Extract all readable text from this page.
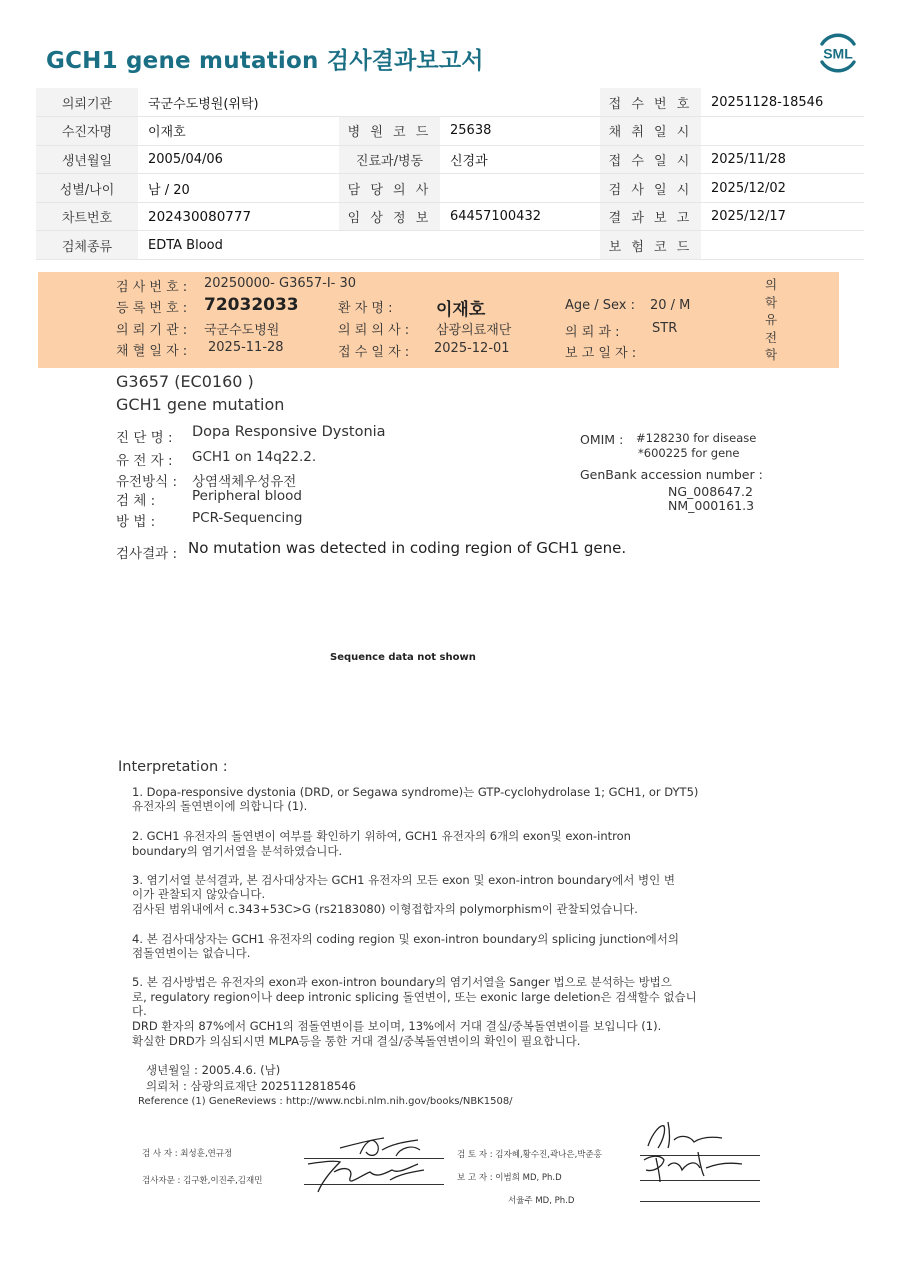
GCH1 gene mutation 검사결과보고서	SML
의뢰기관	국군수도병원(위탁)			접 수 번 호	20251128-18546
수진자명	이재호	병 원 코 드	25638	채 취 일 시	
생년월일	2005/04/06	진료과/병동	신경과	접 수 일 시	2025/11/28
성별/나이	남 / 20	담 당 의 사		검 사 일 시	2025/12/02
차트번호	202430080777	임 상 정 보	64457100432	결 과 보 고	2025/12/17
검체종류	EDTA Blood			보 험 코 드	
검 사 번 호 : 20250000- G3657-I- 30
등 록 번 호 : 72032033	환 자 명 :	이재호	Age / Sex : 20 / M
의 뢰 기 관 : 국군수도병원	의 뢰 의 사 : 삼광의료재단	의 뢰 과 :	STR
채 혈 일 자 : 2025-11-28	접 수 일 자 : 2025-12-01	보 고 일 자 :
의
학
유
전
학
G3657 (EC0160 )
GCH1 gene mutation
진 단 명 : Dopa Responsive Dystonia
유 전 자 : GCH1 on 14q22.2.
유전방식 : 상염색체우성유전
검 체 :	Peripheral blood
방 법 :	PCR-Sequencing
OMIM : #128230 for disease
*600225 for gene
GenBank accession number :
NG_008647.2
NM_000161.3
검사결과 : No mutation was detected in coding region of GCH1 gene.
Sequence data not shown
Interpretation :
1. Dopa-responsive dystonia (DRD, or Segawa syndrome)는 GTP-cyclohydrolase 1; GCH1, or DYT5)
유전자의 돌연변이에 의합니다 (1).
2. GCH1 유전자의 돌연변이 여부를 확인하기 위하여, GCH1 유전자의 6개의 exon및 exon-intron
boundary의 염기서열을 분석하였습니다.
3. 염기서열 분석결과, 본 검사대상자는 GCH1 유전자의 모든 exon 및 exon-intron boundary에서 병인 변
이가 관찰되지 않았습니다.
검사된 범위내에서 c.343+53C>G (rs2183080) 이형접합자의 polymorphism이 관찰되었습니다.
4. 본 검사대상자는 GCH1 유전자의 coding region 및 exon-intron boundary의 splicing junction에서의
점돌연변이는 없습니다.
5. 본 검사방법은 유전자의 exon과 exon-intron boundary의 염기서열을 Sanger 법으로 분석하는 방법으
로, regulatory region이나 deep intronic splicing 돌연변이, 또는 exonic large deletion은 검색할수 없습니
다.
DRD 환자의 87%에서 GCH1의 점돌연변이를 보이며, 13%에서 거대 결실/중복돌연변이를 보입니다 (1).
확실한 DRD가 의심되시면 MLPA등을 통한 거대 결실/중복돌연변이의 확인이 필요합니다.
생년월일 : 2005.4.6. (남)
의뢰처 : 삼광의료재단 2025112818546
Reference (1) GeneReviews : http://www.ncbi.nlm.nih.gov/books/NBK1508/
검 사 자 : 최성훈,연규정
검사자문 : 김구환,이진주,김재민
검 토 자 : 김자혜,황수진,곽나은,박준홍
보 고 자 : 이범희 MD, Ph.D
서율주 MD, Ph.D
